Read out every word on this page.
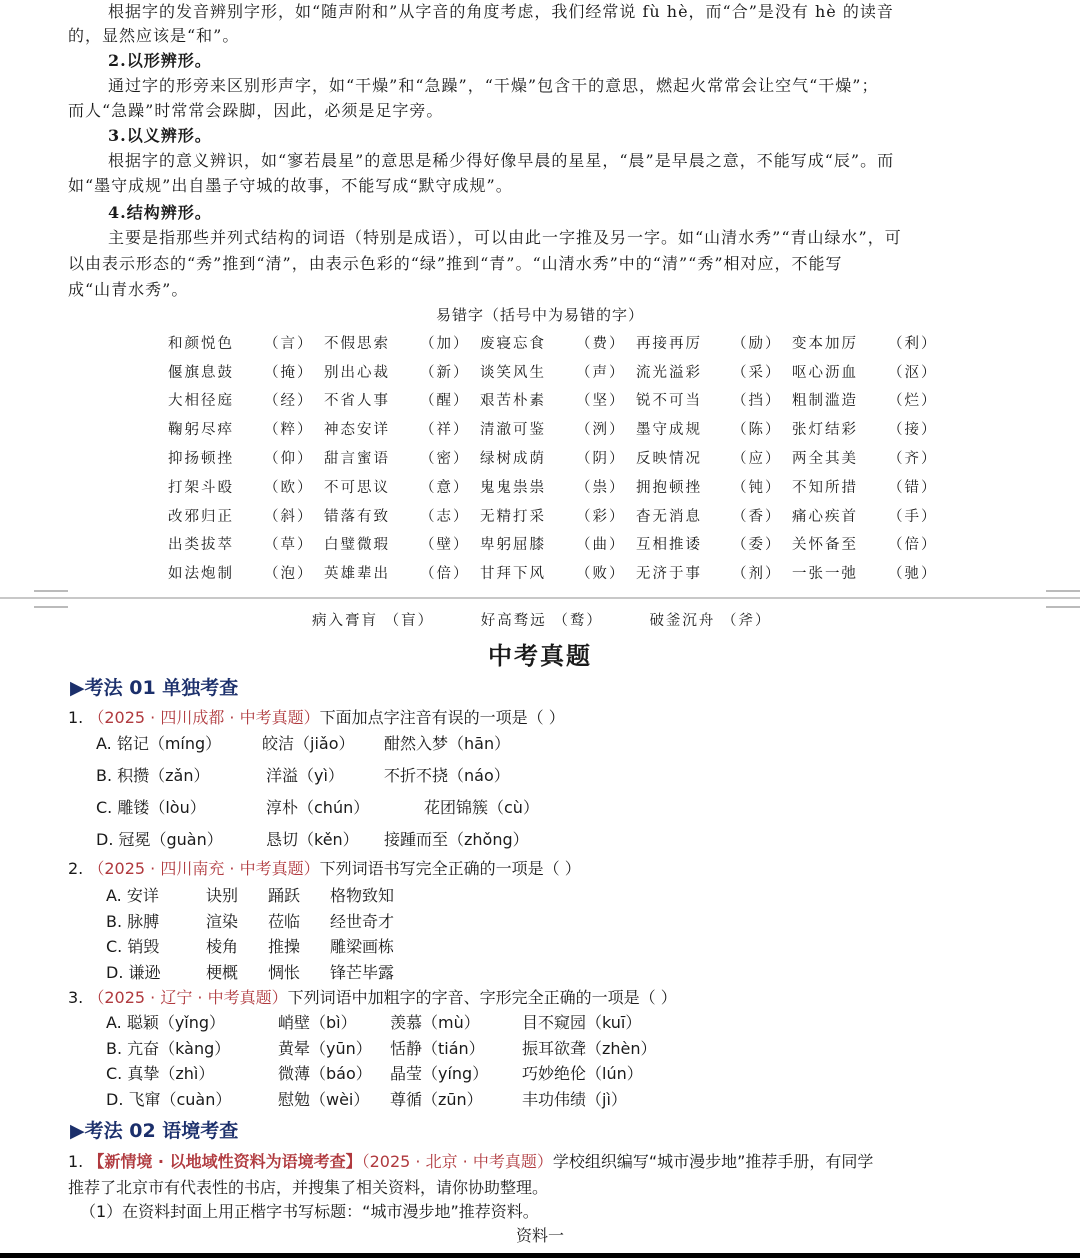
根据字的发音辨别字形，如“随声附和”从字音的角度考虑，我们经常说 fù hè，而“合”是没有 hè 的读音
的，显然应该是“和”。
2.以形辨形。
通过字的形旁来区别形声字，如“干燥”和“急躁”，“干燥”包含干的意思，燃起火常常会让空气“干燥”；
而人“急躁”时常常会跺脚，因此，必须是足字旁。
3.以义辨形。
根据字的意义辨识，如“寥若晨星”的意思是稀少得好像早晨的星星，“晨”是早晨之意，不能写成“辰”。而
如“墨守成规”出自墨子守城的故事，不能写成“默守成规”。
4.结构辨形。
主要是指那些并列式结构的词语（特别是成语），可以由此一字推及另一字。如“山清水秀”“青山绿水”，可
以由表示形态的“秀”推到“清”，由表示色彩的“绿”推到“青”。“山清水秀”中的“清”“秀”相对应，不能写
成“山青水秀”。
易错字（括号中为易错的字）
和颜悦色	（言） 不假思索	（加） 废寝忘食	（费） 再接再厉	（励） 变本加厉	（利）
偃旗息鼓	（掩） 别出心裁	（新） 谈笑风生	（声） 流光溢彩	（采） 呕心沥血	（沤）
大相径庭	（经） 不省人事	（醒） 艰苦朴素	（坚） 锐不可当	（挡） 粗制滥造	（烂）
鞠躬尽瘁	（粹） 神态安详	（祥） 清澈可鉴	（洌） 墨守成规	（陈） 张灯结彩	（接）
抑扬顿挫	（仰） 甜言蜜语	（密） 绿树成荫	（阴） 反映情况	（应） 两全其美	（齐）
打架斗殴	（欧） 不可思议	（意） 鬼鬼祟祟	（祟） 拥抱顿挫	（钝） 不知所措	（错）
改邪归正	（斜） 错落有致	（志） 无精打采	（彩） 杳无消息	（香） 痛心疾首	（手）
出类拔萃	（草） 白璧微瑕	（壁） 卑躬屈膝	（曲） 互相推诿	（委） 关怀备至	（倍）
如法炮制	（泡） 英雄辈出	（倍） 甘拜下风	（败） 无济于事	（剂） 一张一弛	（驰）
病入膏肓 （盲）	好高骛远 （鹜）	破釜沉舟 （斧）
中考真题
▶考法 01 单独考查
1. （2025 · 四川成都 · 中考真题）下面加点字注音有误的一项是（ ）
A. 铭记（míng）	皎洁（jiǎo） 酣然入梦（hān）
B. 积攒（zǎn）	洋溢（yì）	不折不挠（náo）
C. 雕镂（lòu）	淳朴（chún）	花团锦簇（cù）
D. 冠冕（guàn）	恳切（kěn） 接踵而至（zhǒng）
2. （2025 · 四川南充 · 中考真题）下列词语书写完全正确的一项是（ ）
A. 安详	诀别 踊跃 格物致知
B. 脉膊	渲染 莅临 经世奇才
C. 销毁	棱角 推操 雕梁画栋
D. 谦逊	梗概 惆怅 锋芒毕露
3. （2025 · 辽宁 · 中考真题）下列词语中加粗字的字音、字形完全正确的一项是（ ）
A. 聪颖（yǐng）	峭壁（bì） 羡慕（mù）	目不窥园（kuī）
B. 亢奋（kàng）	黄晕（yūn） 恬静（tián） 振耳欲聋（zhèn）
C. 真挚（zhì）	微薄（báo） 晶莹（yíng） 巧妙绝伦（lún）
D. 飞窜（cuàn）	慰勉（wèi） 尊循（zūn） 丰功伟绩（jì）
▶考法 02 语境考查
1. 【新情境 · 以地域性资料为语境考查】（2025 · 北京 · 中考真题）学校组织编写“城市漫步地”推荐手册，有同学
推荐了北京市有代表性的书店，并搜集了相关资料，请你协助整理。
（1）在资料封面上用正楷字书写标题：“城市漫步地”推荐资料。
资料一
